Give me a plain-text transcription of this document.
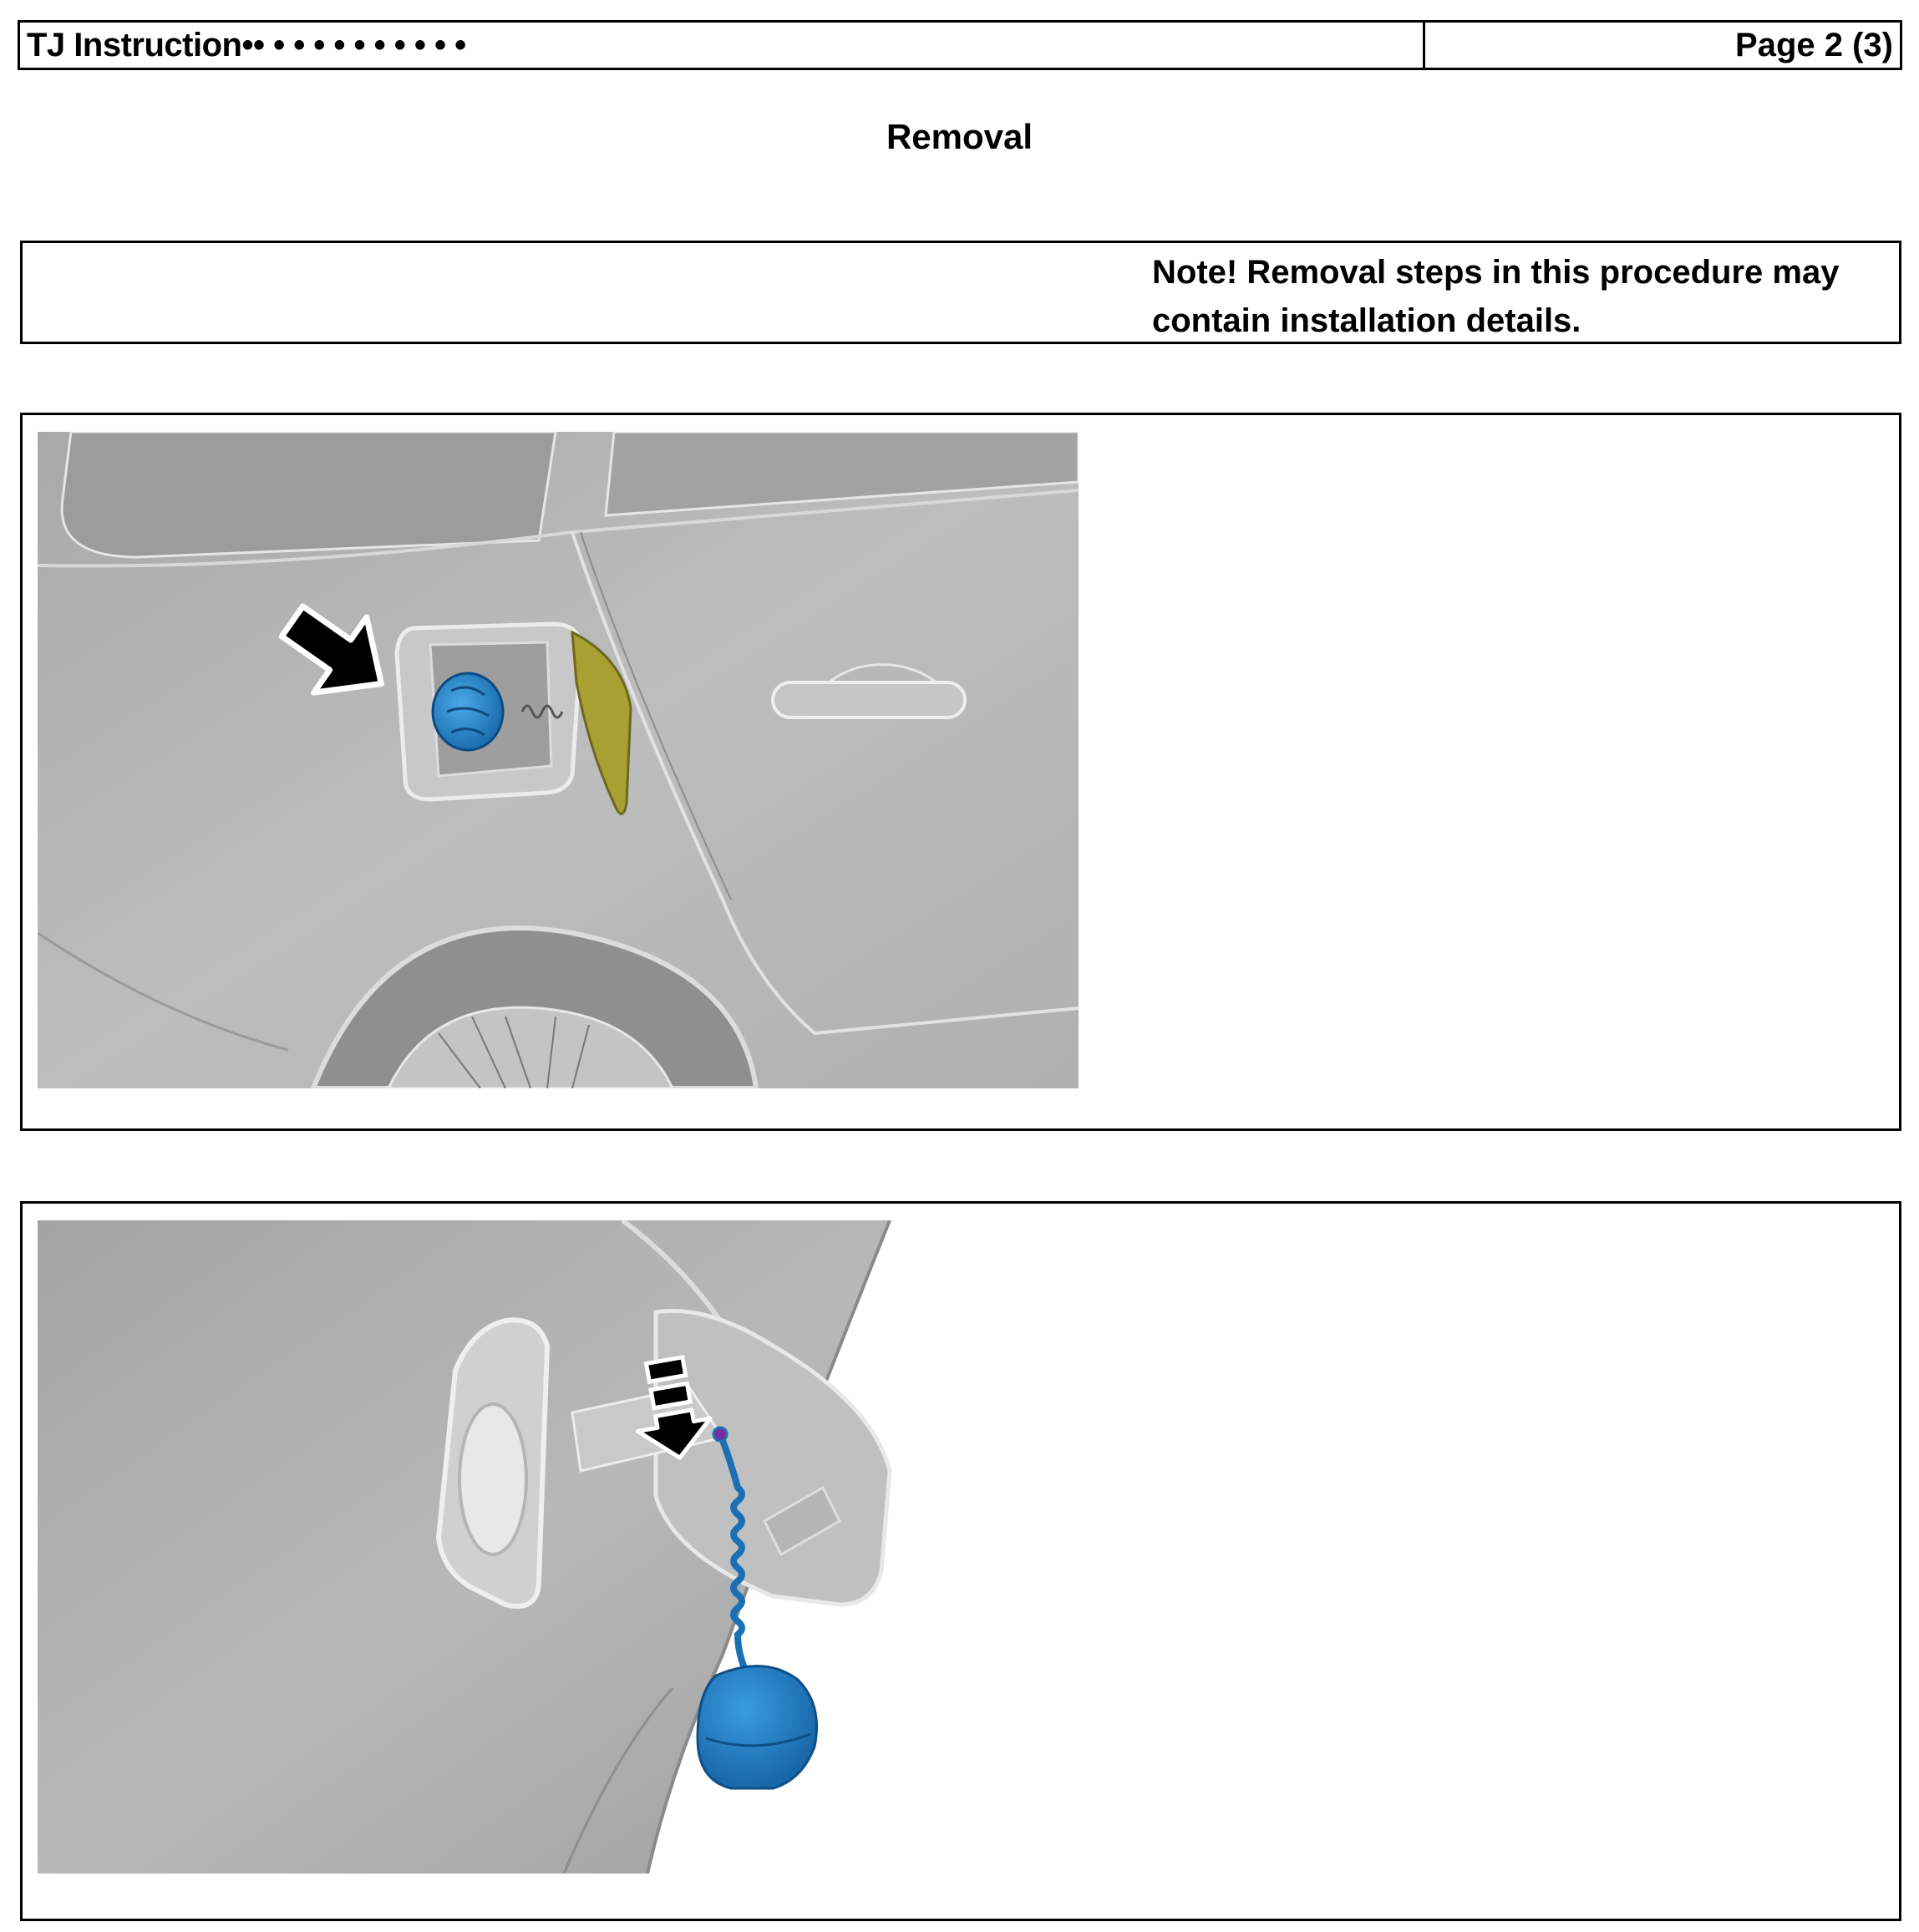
TJ Instruction•• • • • • • • • • • •	Page 2 (3)
Removal
Note! Removal steps in this procedure may
contain installation details.
